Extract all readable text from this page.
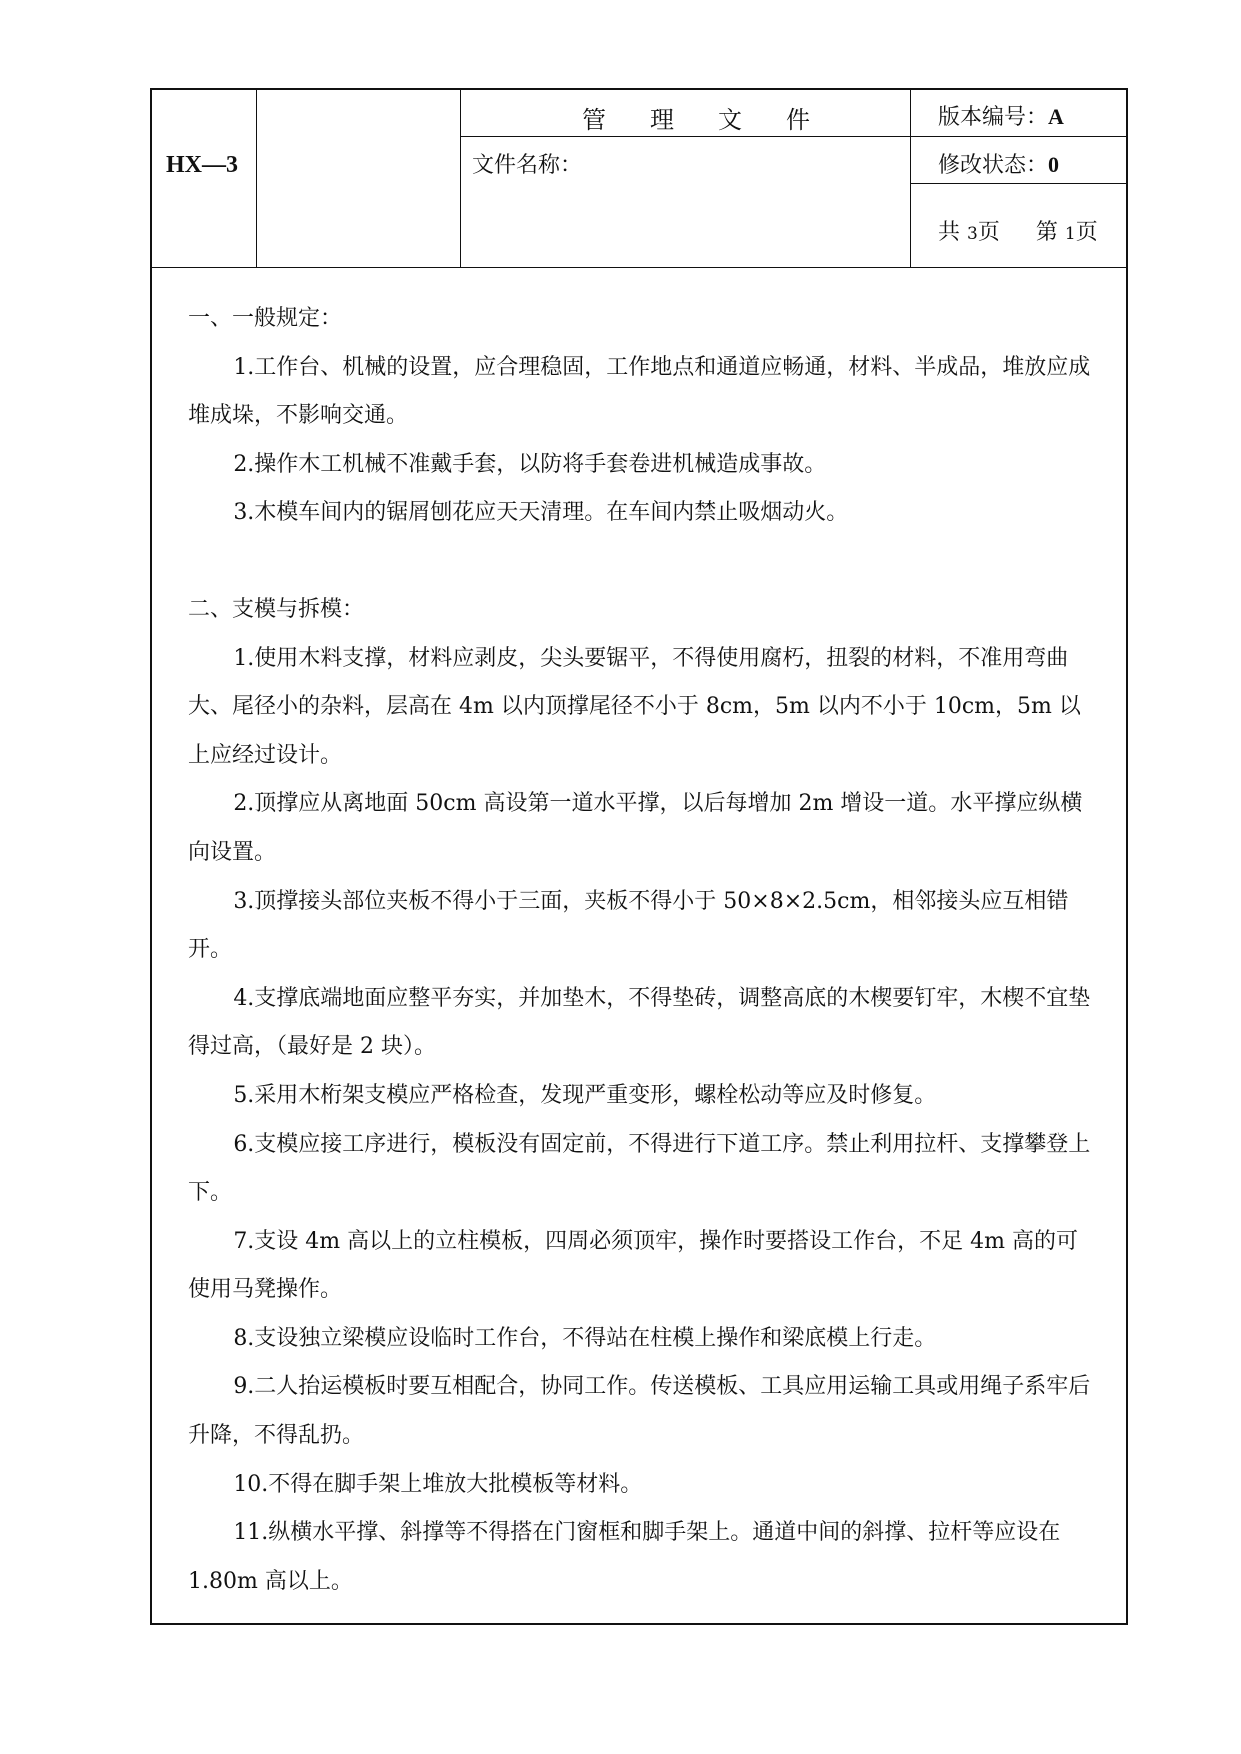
HX—3
管 理 文 件
文件名称：
版本编号：A
修改状态：0
共 3页 第 1页

一、一般规定：

1.工作台、机械的设置，应合理稳固，工作地点和通道应畅通，材料、半成品，堆放应成堆成垛，不影响交通。

2.操作木工机械不准戴手套，以防将手套卷进机械造成事故。

3.木模车间内的锯屑刨花应天天清理。在车间内禁止吸烟动火。

二、支模与拆模：

1.使用木料支撑，材料应剥皮，尖头要锯平，不得使用腐朽，扭裂的材料，不准用弯曲大、尾径小的杂料，层高在 4m 以内顶撑尾径不小于 8cm，5m 以内不小于 10cm，5m 以上应经过设计。

2.顶撑应从离地面 50cm 高设第一道水平撑，以后每增加 2m 增设一道。水平撑应纵横向设置。

3.顶撑接头部位夹板不得小于三面，夹板不得小于 50×8×2.5cm，相邻接头应互相错开。

4.支撑底端地面应整平夯实，并加垫木，不得垫砖，调整高底的木楔要钉牢，木楔不宜垫得过高，（最好是 2 块）。

5.采用木桁架支模应严格检查，发现严重变形，螺栓松动等应及时修复。

6.支模应接工序进行，模板没有固定前，不得进行下道工序。禁止利用拉杆、支撑攀登上下。

7.支设 4m 高以上的立柱模板，四周必须顶牢，操作时要搭设工作台，不足 4m 高的可使用马凳操作。

8.支设独立梁模应设临时工作台，不得站在柱模上操作和梁底模上行走。

9.二人抬运模板时要互相配合，协同工作。传送模板、工具应用运输工具或用绳子系牢后升降，不得乱扔。

10.不得在脚手架上堆放大批模板等材料。

11.纵横水平撑、斜撑等不得搭在门窗框和脚手架上。通道中间的斜撑、拉杆等应设在 1.80m 高以上。
